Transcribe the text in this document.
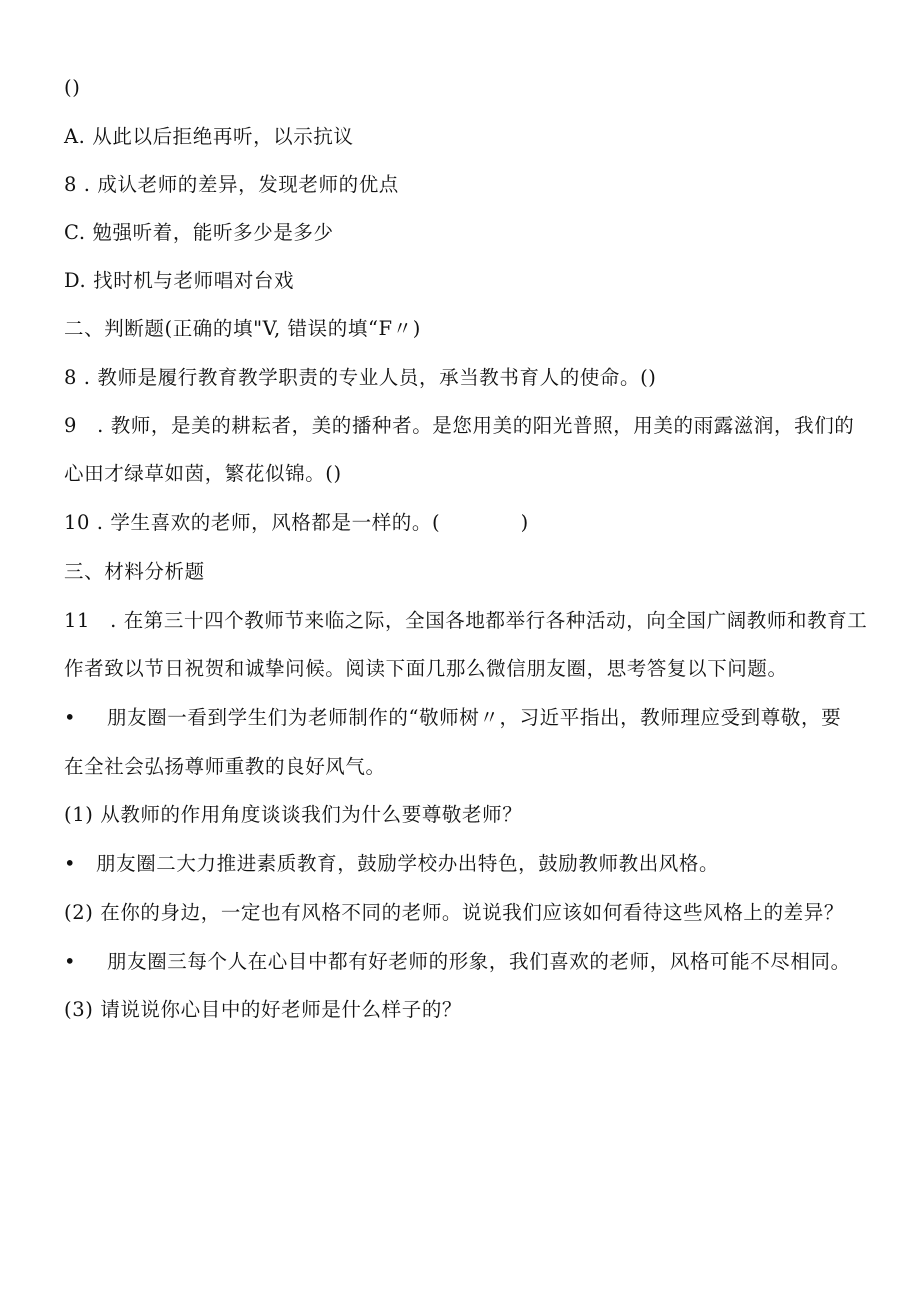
()
A. 从此以后拒绝再听，以示抗议
8 . 成认老师的差异，发现老师的优点
C. 勉强听着，能听多少是多少
D. 找时机与老师唱对台戏
二、判断题(正确的填"V, 错误的填“F〃)
8 . 教师是履行教育教学职责的专业人员，承当教书育人的使命。()
9　. 教师，是美的耕耘者，美的播种者。是您用美的阳光普照，用美的雨露滋润，我们的
心田才绿草如茵，繁花似锦。()
10 . 学生喜欢的老师，风格都是一样的。(　　　　)
三、材料分析题
11　. 在第三十四个教师节来临之际，全国各地都举行各种活动，向全国广阔教师和教育工
作者致以节日祝贺和诚挚问候。阅读下面几那么微信朋友圈，思考答复以下问题。
• 朋友圈一看到学生们为老师制作的“敬师树〃，习近平指出，教师理应受到尊敬，要
在全社会弘扬尊师重教的良好风气。
(1) 从教师的作用角度谈谈我们为什么要尊敬老师？
• 朋友圈二大力推进素质教育，鼓励学校办出特色，鼓励教师教出风格。
(2) 在你的身边，一定也有风格不同的老师。说说我们应该如何看待这些风格上的差异？
• 朋友圈三每个人在心目中都有好老师的形象，我们喜欢的老师，风格可能不尽相同。
(3) 请说说你心目中的好老师是什么样子的？
